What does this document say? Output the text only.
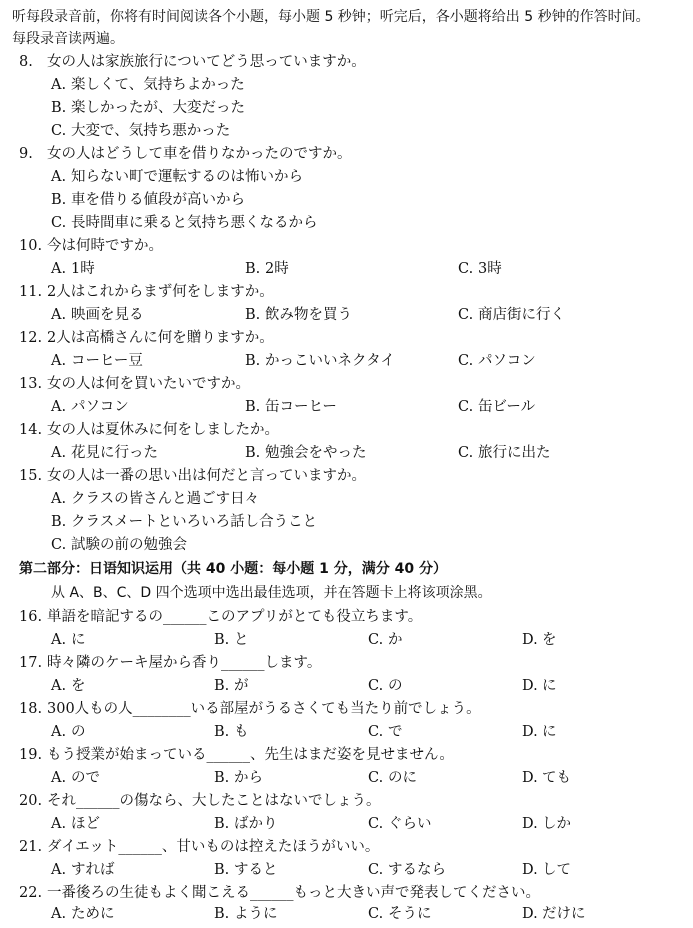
听每段录音前，你将有时间阅读各个小题，每小题 5 秒钟；听完后，各小题将给出 5 秒钟的作答时间。
每段录音读两遍。
8. 女の人は家族旅行についてどう思っていますか。
A. 楽しくて、気持ちよかった
B. 楽しかったが、大変だった
C. 大変で、気持ち悪かった
9. 女の人はどうして車を借りなかったのですか。
A. 知らない町で運転するのは怖いから
B. 車を借りる値段が高いから
C. 長時間車に乗ると気持ち悪くなるから
10. 今は何時ですか。
A. 1時	B. 2時	C. 3時
11. 2人はこれからまず何をしますか。
A. 映画を見る	B. 飲み物を買う	C. 商店街に行く
12. 2人は高橋さんに何を贈りますか。
A. コーヒー豆	B. かっこいいネクタイ	C. パソコン
13. 女の人は何を買いたいですか。
A. パソコン	B. 缶コーヒー	C. 缶ビール
14. 女の人は夏休みに何をしましたか。
A. 花見に行った	B. 勉強会をやった	C. 旅行に出た
15. 女の人は一番の思い出は何だと言っていますか。
A. クラスの皆さんと過ごす日々
B. クラスメートといろいろ話し合うこと
C. 試験の前の勉強会
第二部分：日语知识运用（共 40 小题：每小题 1 分，满分 40 分）
从 A、B、C、D 四个选项中选出最佳选项，并在答题卡上将该项涂黑。
16. 単語を暗記するの______このアプリがとても役立ちます。
A. に	B. と	C. か	D. を
17. 時々隣のケーキ屋から香り______します。
A. を	B. が	C. の	D. に
18. 300人もの人________いる部屋がうるさくても当たり前でしょう。
A. の	B. も	C. で	D. に
19. もう授業が始まっている______、先生はまだ姿を見せません。
A. ので	B. から	C. のに	D. ても
20. それ______の傷なら、大したことはないでしょう。
A. ほど	B. ばかり	C. ぐらい	D. しか
21. ダイエット______、甘いものは控えたほうがいい。
A. すれば	B. すると	C. するなら	D. して
22. 一番後ろの生徒もよく聞こえる______もっと大きい声で発表してください。
A. ために	B. ように	C. そうに	D. だけに
